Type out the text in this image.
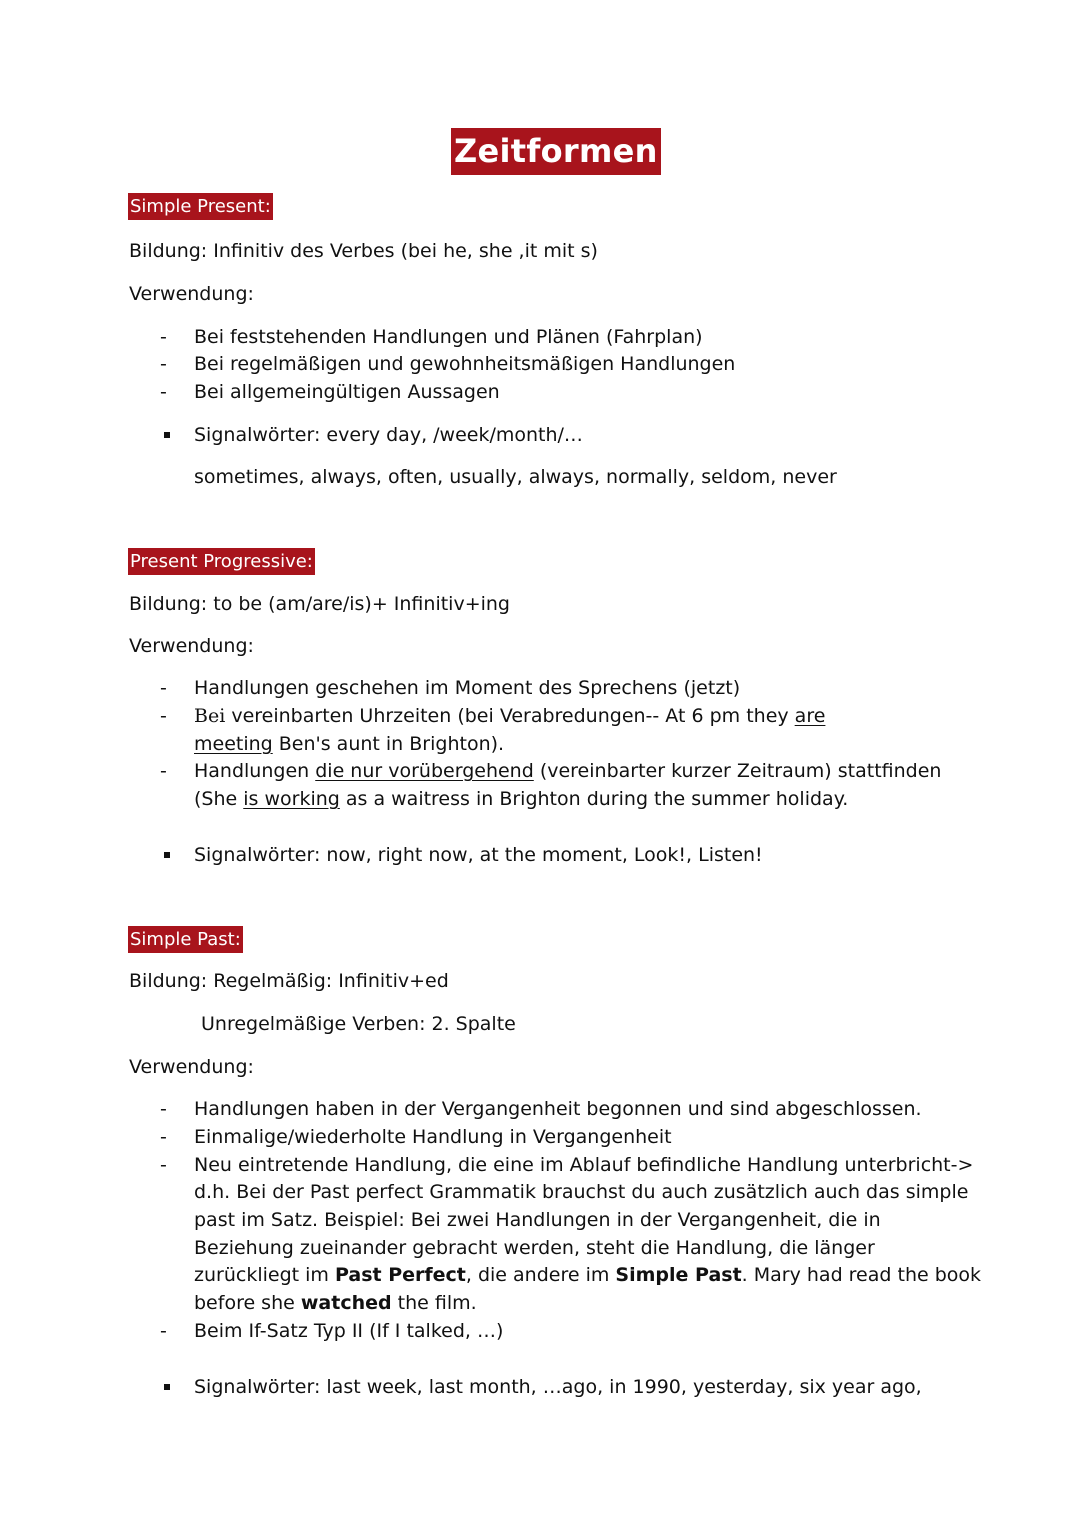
Zeitformen
Simple Present:
Bildung: Infinitiv des Verbes (bei he, she ,it mit s)
Verwendung:
- Bei feststehenden Handlungen und Plänen (Fahrplan)
- Bei regelmäßigen und gewohnheitsmäßigen Handlungen
- Bei allgemeingültigen Aussagen
Signalwörter: every day, /week/month/…
sometimes, always, often, usually, always, normally, seldom, never
Present Progressive:
Bildung: to be (am/are/is)+ Infinitiv+ing
Verwendung:
- Handlungen geschehen im Moment des Sprechens (jetzt)
- Bei vereinbarten Uhrzeiten (bei Verabredungen-- At 6 pm they are
meeting Ben's aunt in Brighton).
- Handlungen die nur vorübergehend (vereinbarter kurzer Zeitraum) stattfinden
(She is working as a waitress in Brighton during the summer holiday.
Signalwörter: now, right now, at the moment, Look!, Listen!
Simple Past:
Bildung: Regelmäßig: Infinitiv+ed
Unregelmäßige Verben: 2. Spalte
Verwendung:
- Handlungen haben in der Vergangenheit begonnen und sind abgeschlossen.
- Einmalige/wiederholte Handlung in Vergangenheit
- Neu eintretende Handlung, die eine im Ablauf befindliche Handlung unterbricht->
d.h. Bei der Past perfect Grammatik brauchst du auch zusätzlich auch das simple
past im Satz. Beispiel: Bei zwei Handlungen in der Vergangenheit, die in
Beziehung zueinander gebracht werden, steht die Handlung, die länger
zurückliegt im Past Perfect, die andere im Simple Past. Mary had read the book
before she watched the film.
- Beim If-Satz Typ II (If I talked, …)
Signalwörter: last week, last month, …ago, in 1990, yesterday, six year ago,
